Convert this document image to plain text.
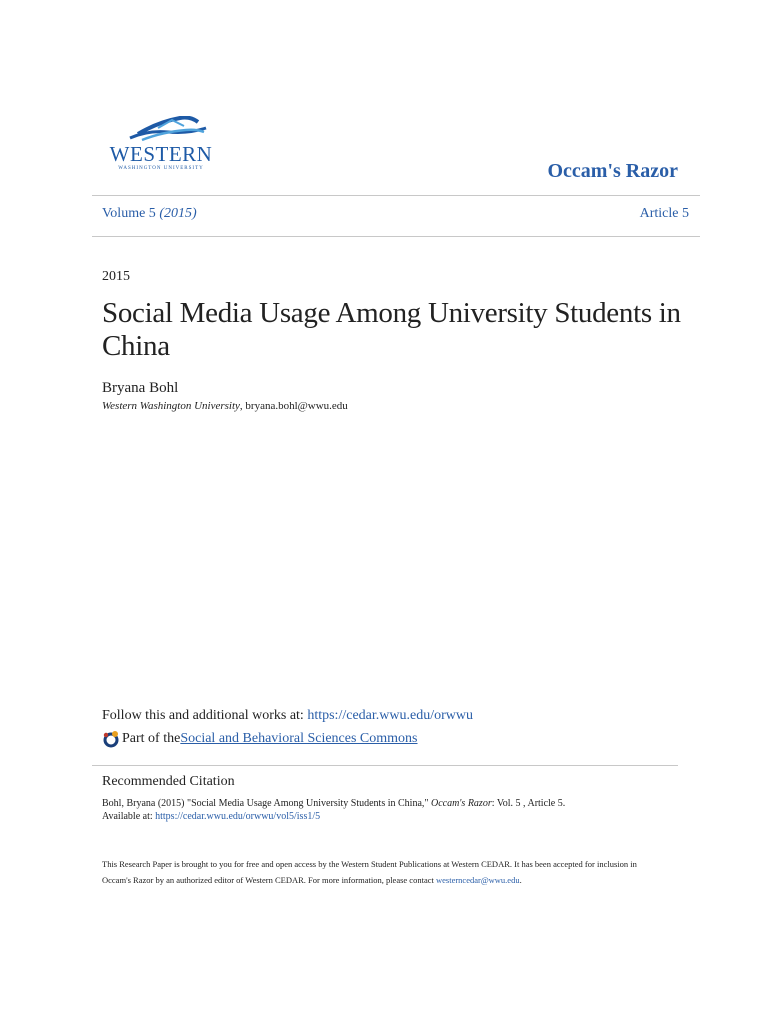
WESTERN
WASHINGTON UNIVERSITY	Occam's Razor
Volume 5 (2015)	Article 5
2015
Social Media Usage Among University Students in China
Bryana Bohl
Western Washington University, bryana.bohl@wwu.edu
Follow this and additional works at: https://cedar.wwu.edu/orwwu
Part of the Social and Behavioral Sciences Commons
Recommended Citation
Bohl, Bryana (2015) "Social Media Usage Among University Students in China," Occam's Razor: Vol. 5 , Article 5.
Available at: https://cedar.wwu.edu/orwwu/vol5/iss1/5
This Research Paper is brought to you for free and open access by the Western Student Publications at Western CEDAR. It has been accepted for inclusion in Occam's Razor by an authorized editor of Western CEDAR. For more information, please contact westerncedar@wwu.edu.
